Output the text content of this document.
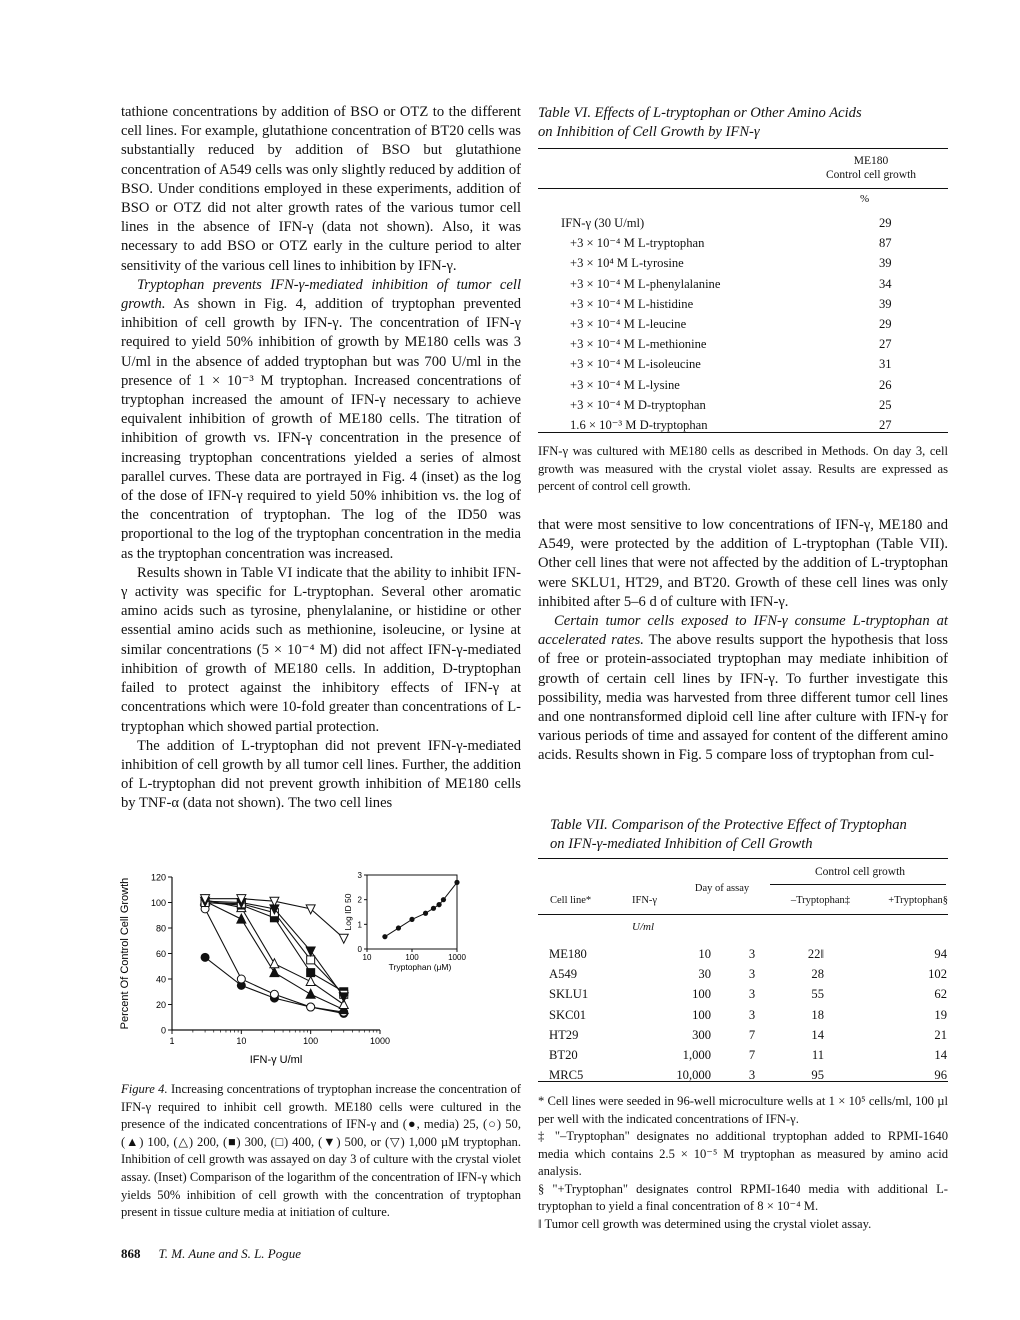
tathione concentrations by addition of BSO or OTZ to the different cell lines. For example, glutathione concentration of BT20 cells was substantially reduced by addition of BSO but glutathione concentration of A549 cells was only slightly reduced by addition of BSO. Under conditions employed in these experiments, addition of BSO or OTZ did not alter growth rates of the various tumor cell lines in the absence of IFN-γ (data not shown). Also, it was necessary to add BSO or OTZ early in the culture period to alter sensitivity of the various cell lines to inhibition by IFN-γ.

Tryptophan prevents IFN-γ-mediated inhibition of tumor cell growth. As shown in Fig. 4, addition of tryptophan prevented inhibition of cell growth by IFN-γ. The concentration of IFN-γ required to yield 50% inhibition of growth by ME180 cells was 3 U/ml in the absence of added tryptophan but was 700 U/ml in the presence of 1 × 10⁻³ M tryptophan. Increased concentrations of tryptophan increased the amount of IFN-γ necessary to achieve equivalent inhibition of growth of ME180 cells. The titration of inhibition of growth vs. IFN-γ concentration in the presence of increasing tryptophan concentrations yielded a series of almost parallel curves. These data are portrayed in Fig. 4 (inset) as the log of the dose of IFN-γ required to yield 50% inhibition vs. the log of the concentration of tryptophan. The log of the ID50 was proportional to the log of the tryptophan concentration in the media as the tryptophan concentration was increased.

Results shown in Table VI indicate that the ability to inhibit IFN-γ activity was specific for L-tryptophan. Several other aromatic amino acids such as tyrosine, phenylalanine, or histidine or other essential amino acids such as methionine, isoleucine, or lysine at similar concentrations (5 × 10⁻⁴ M) did not affect IFN-γ-mediated inhibition of growth of ME180 cells. In addition, D-tryptophan failed to protect against the inhibitory effects of IFN-γ at concentrations which were 10-fold greater than concentrations of L-tryptophan which showed partial protection.

The addition of L-tryptophan did not prevent IFN-γ-mediated inhibition of cell growth by all tumor cell lines. Further, the addition of L-tryptophan did not prevent growth inhibition of ME180 cells by TNF-α (data not shown). The two cell lines

Table VI. Effects of L-tryptophan or Other Amino Acids
on Inhibition of Cell Growth by IFN-γ
ME180
Control cell growth
%
IFN-γ (30 U/ml)	29
+3 × 10⁻⁴ M L-tryptophan	87
+3 × 10⁴ M L-tyrosine	39
+3 × 10⁻⁴ M L-phenylalanine	34
+3 × 10⁻⁴ M L-histidine	39
+3 × 10⁻⁴ M L-leucine	29
+3 × 10⁻⁴ M L-methionine	27
+3 × 10⁻⁴ M L-isoleucine	31
+3 × 10⁻⁴ M L-lysine	26
+3 × 10⁻⁴ M D-tryptophan	25
1.6 × 10⁻³ M D-tryptophan	27

IFN-γ was cultured with ME180 cells as described in Methods. On day 3, cell growth was measured with the crystal violet assay. Results are expressed as percent of control cell growth.

that were most sensitive to low concentrations of IFN-γ, ME180 and A549, were protected by the addition of L-tryptophan (Table VII). Other cell lines that were not affected by the addition of L-tryptophan were SKLU1, HT29, and BT20. Growth of these cell lines was only inhibited after 5–6 d of culture with IFN-γ.

Certain tumor cells exposed to IFN-γ consume L-tryptophan at accelerated rates. The above results support the hypothesis that loss of free or protein-associated tryptophan may mediate inhibition of growth of certain cell lines by IFN-γ. To further investigate this possibility, media was harvested from three different tumor cell lines and one nontransformed diploid cell line after culture with IFN-γ for various periods of time and assayed for content of the different amino acids. Results shown in Fig. 5 compare loss of tryptophan from cul-

Table VII. Comparison of the Protective Effect of Tryptophan
on IFN-γ-mediated Inhibition of Cell Growth
Control cell growth
Cell line*	IFN-γ
Day of assay
–Tryptophan‡	+Tryptophan§
U/ml
ME180	10	3	22‖	94
A549	30	3	28	102
SKLU1	100	3	55	62
SKC01	100	3	18	19
HT29	300	7	14	21
BT20	1,000	7	11	14
MRC5	10,000	3	95	96

* Cell lines were seeded in 96-well microculture wells at 1 × 10⁵ cells/ml, 100 µl per well with the indicated concentrations of IFN-γ.

‡ "–Tryptophan" designates no additional tryptophan added to RPMI-1640 media which contains 2.5 × 10⁻⁵ M tryptophan as measured by amino acid analysis.

§ "+Tryptophan" designates control RPMI-1640 media with additional L-tryptophan to yield a final concentration of 8 × 10⁻⁴ M.

‖ Tumor cell growth was determined using the crystal violet assay.

0
20
40
60
80
100
120
1	10	100	1000
IFN-γ U/ml
Percent Of Control Cell Growth	0
1
2
3
10	100	1000
Tryptophan (μM)
Log ID 50
Figure 4. Increasing concentrations of tryptophan increase the concentration of IFN-γ required to inhibit cell growth. ME180 cells were cultured in the presence of the indicated concentrations of IFN-γ and (●, media) 25, (○) 50, (▲) 100, (△) 200, (■) 300, (□) 400, (▼) 500, or (▽) 1,000 µM tryptophan. Inhibition of cell growth was assayed on day 3 of culture with the crystal violet assay. (Inset) Comparison of the logarithm of the concentration of IFN-γ which yields 50% inhibition of cell growth with the concentration of tryptophan present in tissue culture media at initiation of culture.
868 T. M. Aune and S. L. Pogue
